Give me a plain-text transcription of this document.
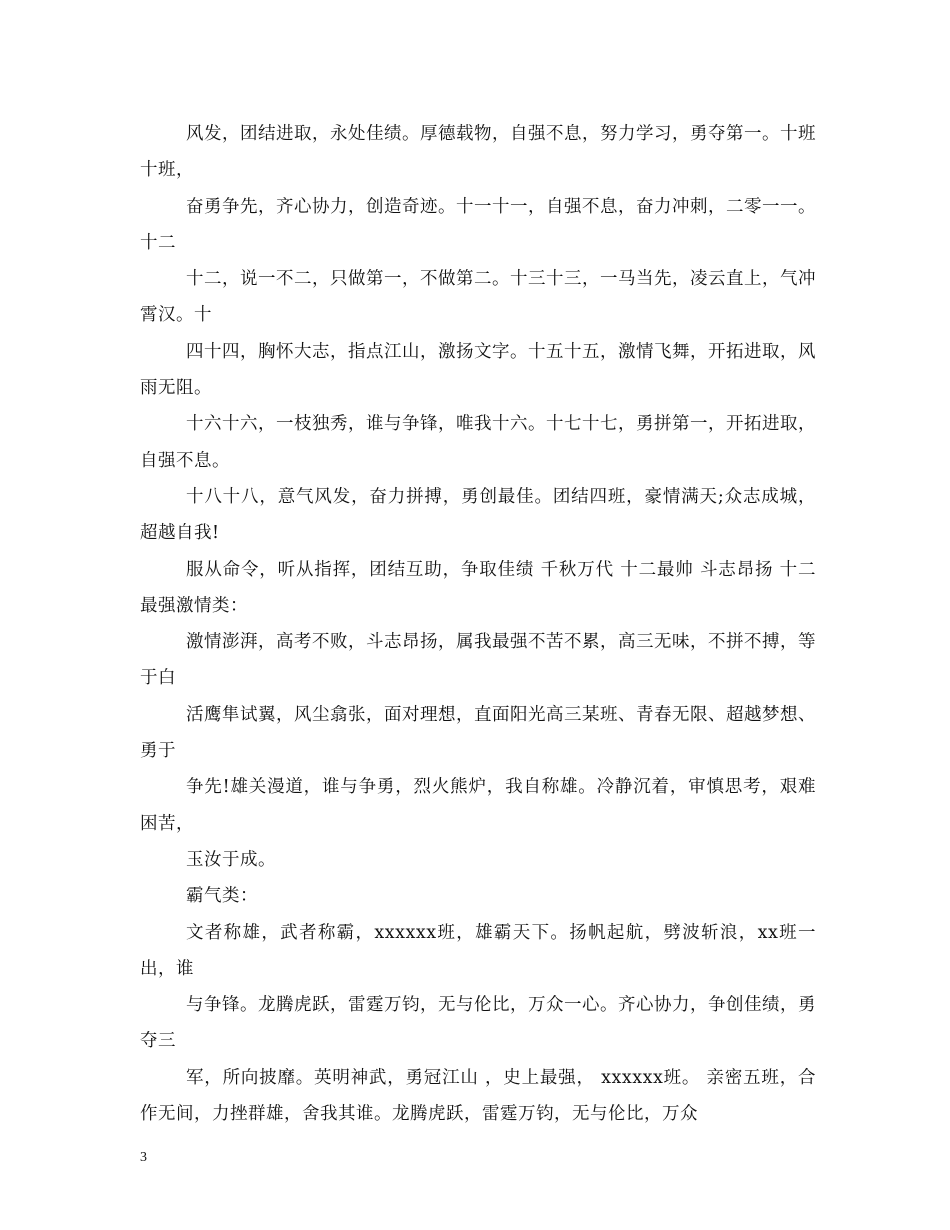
风发，团结进取，永处佳绩。厚德载物，自强不息，努力学习，勇夺第一。十班十班，

奋勇争先，齐心协力，创造奇迹。十一十一，自强不息，奋力冲刺，二零一一。十二

十二，说一不二，只做第一，不做第二。十三十三，一马当先，凌云直上，气冲霄汉。十

四十四，胸怀大志，指点江山，激扬文字。十五十五，激情飞舞，开拓进取，风雨无阻。

十六十六，一枝独秀，谁与争锋，唯我十六。十七十七，勇拼第一，开拓进取，自强不息。

十八十八，意气风发，奋力拼搏，勇创最佳。团结四班，豪情满天;众志成城，超越自我!

服从命令，听从指挥，团结互助，争取佳绩 千秋万代 十二最帅 斗志昂扬 十二最强激情类：

激情澎湃，高考不败，斗志昂扬，属我最强不苦不累，高三无味，不拼不搏，等于白

活鹰隼试翼，风尘翕张，面对理想，直面阳光高三某班、青春无限、超越梦想、勇于

争先!雄关漫道，谁与争勇，烈火熊炉，我自称雄。冷静沉着，审慎思考，艰难困苦，

玉汝于成。

霸气类：

文者称雄，武者称霸，xxxxxx班，雄霸天下。扬帆起航，劈波斩浪，xx班一出，谁

与争锋。龙腾虎跃，雷霆万钧，无与伦比，万众一心。齐心协力，争创佳绩，勇夺三

军，所向披靡。英明神武，勇冠江山 ，史上最强， xxxxxx班。 亲密五班，合作无间，力挫群雄，舍我其谁。龙腾虎跃，雷霆万钧，无与伦比，万众

3
